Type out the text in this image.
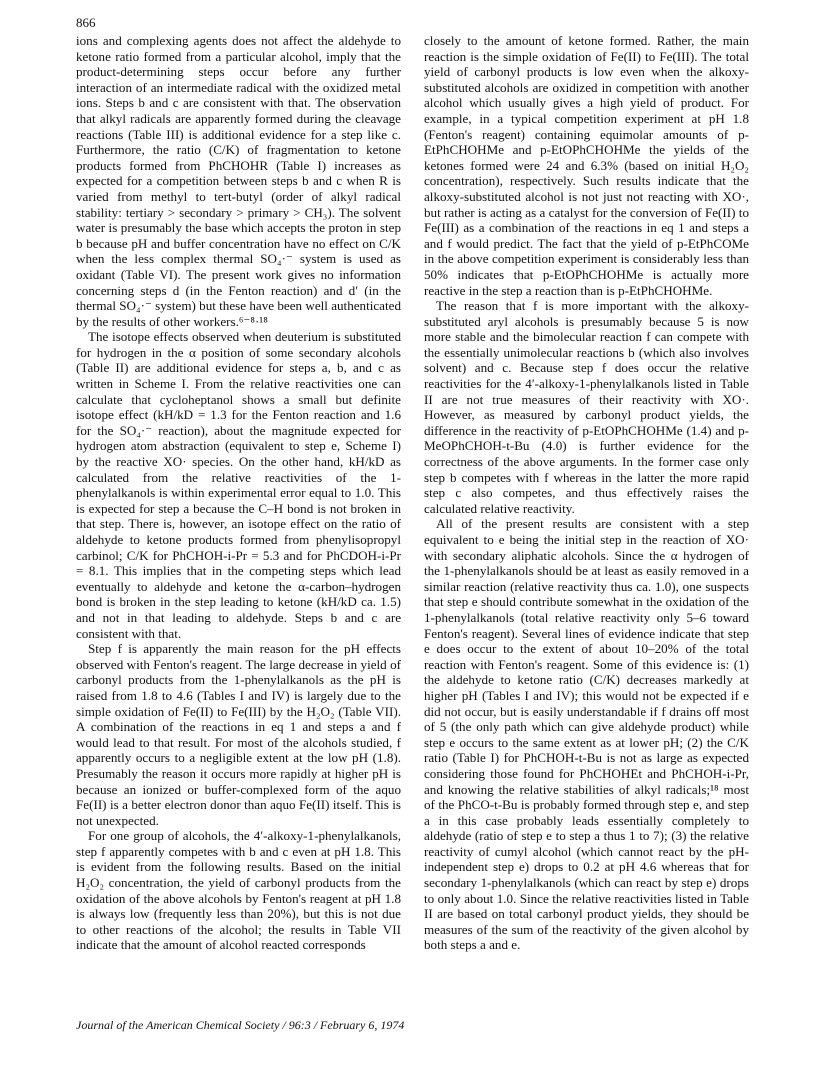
866

ions and complexing agents does not affect the aldehyde to ketone ratio formed from a particular alcohol, imply that the product-determining steps occur before any further interaction of an intermediate radical with the oxidized metal ions. Steps b and c are consistent with that. The observation that alkyl radicals are apparently formed during the cleavage reactions (Table III) is additional evidence for a step like c. Furthermore, the ratio (C/K) of fragmentation to ketone products formed from PhCHOHR (Table I) increases as expected for a competition between steps b and c when R is varied from methyl to tert-butyl (order of alkyl radical stability: tertiary > secondary > primary > CH₃). The solvent water is presumably the base which accepts the proton in step b because pH and buffer concentration have no effect on C/K when the less complex thermal SO₄·⁻ system is used as oxidant (Table VI). The present work gives no information concerning steps d (in the Fenton reaction) and d′ (in the thermal SO₄·⁻ system) but these have been well authenticated by the results of other workers.⁶⁻⁸·¹⁸

The isotope effects observed when deuterium is substituted for hydrogen in the α position of some secondary alcohols (Table II) are additional evidence for steps a, b, and c as written in Scheme I. From the relative reactivities one can calculate that cycloheptanol shows a small but definite isotope effect (kH/kD = 1.3 for the Fenton reaction and 1.6 for the SO₄·⁻ reaction), about the magnitude expected for hydrogen atom abstraction (equivalent to step e, Scheme I) by the reactive XO· species. On the other hand, kH/kD as calculated from the relative reactivities of the 1-phenylalkanols is within experimental error equal to 1.0. This is expected for step a because the C–H bond is not broken in that step. There is, however, an isotope effect on the ratio of aldehyde to ketone products formed from phenylisopropyl carbinol; C/K for PhCHOH-i-Pr = 5.3 and for PhCDOH-i-Pr = 8.1. This implies that in the competing steps which lead eventually to aldehyde and ketone the α-carbon–hydrogen bond is broken in the step leading to ketone (kH/kD ca. 1.5) and not in that leading to aldehyde. Steps b and c are consistent with that.

Step f is apparently the main reason for the pH effects observed with Fenton's reagent. The large decrease in yield of carbonyl products from the 1-phenylalkanols as the pH is raised from 1.8 to 4.6 (Tables I and IV) is largely due to the simple oxidation of Fe(II) to Fe(III) by the H₂O₂ (Table VII). A combination of the reactions in eq 1 and steps a and f would lead to that result. For most of the alcohols studied, f apparently occurs to a negligible extent at the low pH (1.8). Presumably the reason it occurs more rapidly at higher pH is because an ionized or buffer-complexed form of the aquo Fe(II) is a better electron donor than aquo Fe(II) itself. This is not unexpected.

For one group of alcohols, the 4′-alkoxy-1-phenylalkanols, step f apparently competes with b and c even at pH 1.8. This is evident from the following results. Based on the initial H₂O₂ concentration, the yield of carbonyl products from the oxidation of the above alcohols by Fenton's reagent at pH 1.8 is always low (frequently less than 20%), but this is not due to other reactions of the alcohol; the results in Table VII indicate that the amount of alcohol reacted corresponds

closely to the amount of ketone formed. Rather, the main reaction is the simple oxidation of Fe(II) to Fe(III). The total yield of carbonyl products is low even when the alkoxy-substituted alcohols are oxidized in competition with another alcohol which usually gives a high yield of product. For example, in a typical competition experiment at pH 1.8 (Fenton's reagent) containing equimolar amounts of p-EtPhCHOHMe and p-EtOPhCHOHMe the yields of the ketones formed were 24 and 6.3% (based on initial H₂O₂ concentration), respectively. Such results indicate that the alkoxy-substituted alcohol is not just not reacting with XO·, but rather is acting as a catalyst for the conversion of Fe(II) to Fe(III) as a combination of the reactions in eq 1 and steps a and f would predict. The fact that the yield of p-EtPhCOMe in the above competition experiment is considerably less than 50% indicates that p-EtOPhCHOHMe is actually more reactive in the step a reaction than is p-EtPhCHOHMe.

The reason that f is more important with the alkoxy-substituted aryl alcohols is presumably because 5 is now more stable and the bimolecular reaction f can compete with the essentially unimolecular reactions b (which also involves solvent) and c. Because step f does occur the relative reactivities for the 4′-alkoxy-1-phenylalkanols listed in Table II are not true measures of their reactivity with XO·. However, as measured by carbonyl product yields, the difference in the reactivity of p-EtOPhCHOHMe (1.4) and p-MeOPhCHOH-t-Bu (4.0) is further evidence for the correctness of the above arguments. In the former case only step b competes with f whereas in the latter the more rapid step c also competes, and thus effectively raises the calculated relative reactivity.

All of the present results are consistent with a step equivalent to e being the initial step in the reaction of XO· with secondary aliphatic alcohols. Since the α hydrogen of the 1-phenylalkanols should be at least as easily removed in a similar reaction (relative reactivity thus ca. 1.0), one suspects that step e should contribute somewhat in the oxidation of the 1-phenylalkanols (total relative reactivity only 5–6 toward Fenton's reagent). Several lines of evidence indicate that step e does occur to the extent of about 10–20% of the total reaction with Fenton's reagent. Some of this evidence is: (1) the aldehyde to ketone ratio (C/K) decreases markedly at higher pH (Tables I and IV); this would not be expected if e did not occur, but is easily understandable if f drains off most of 5 (the only path which can give aldehyde product) while step e occurs to the same extent as at lower pH; (2) the C/K ratio (Table I) for PhCHOH-t-Bu is not as large as expected considering those found for PhCHOHEt and PhCHOH-i-Pr, and knowing the relative stabilities of alkyl radicals;¹⁸ most of the PhCO-t-Bu is probably formed through step e, and step a in this case probably leads essentially completely to aldehyde (ratio of step e to step a thus 1 to 7); (3) the relative reactivity of cumyl alcohol (which cannot react by the pH-independent step e) drops to 0.2 at pH 4.6 whereas that for secondary 1-phenylalkanols (which can react by step e) drops to only about 1.0. Since the relative reactivities listed in Table II are based on total carbonyl product yields, they should be measures of the sum of the reactivity of the given alcohol by both steps a and e.

Journal of the American Chemical Society / 96:3 / February 6, 1974
